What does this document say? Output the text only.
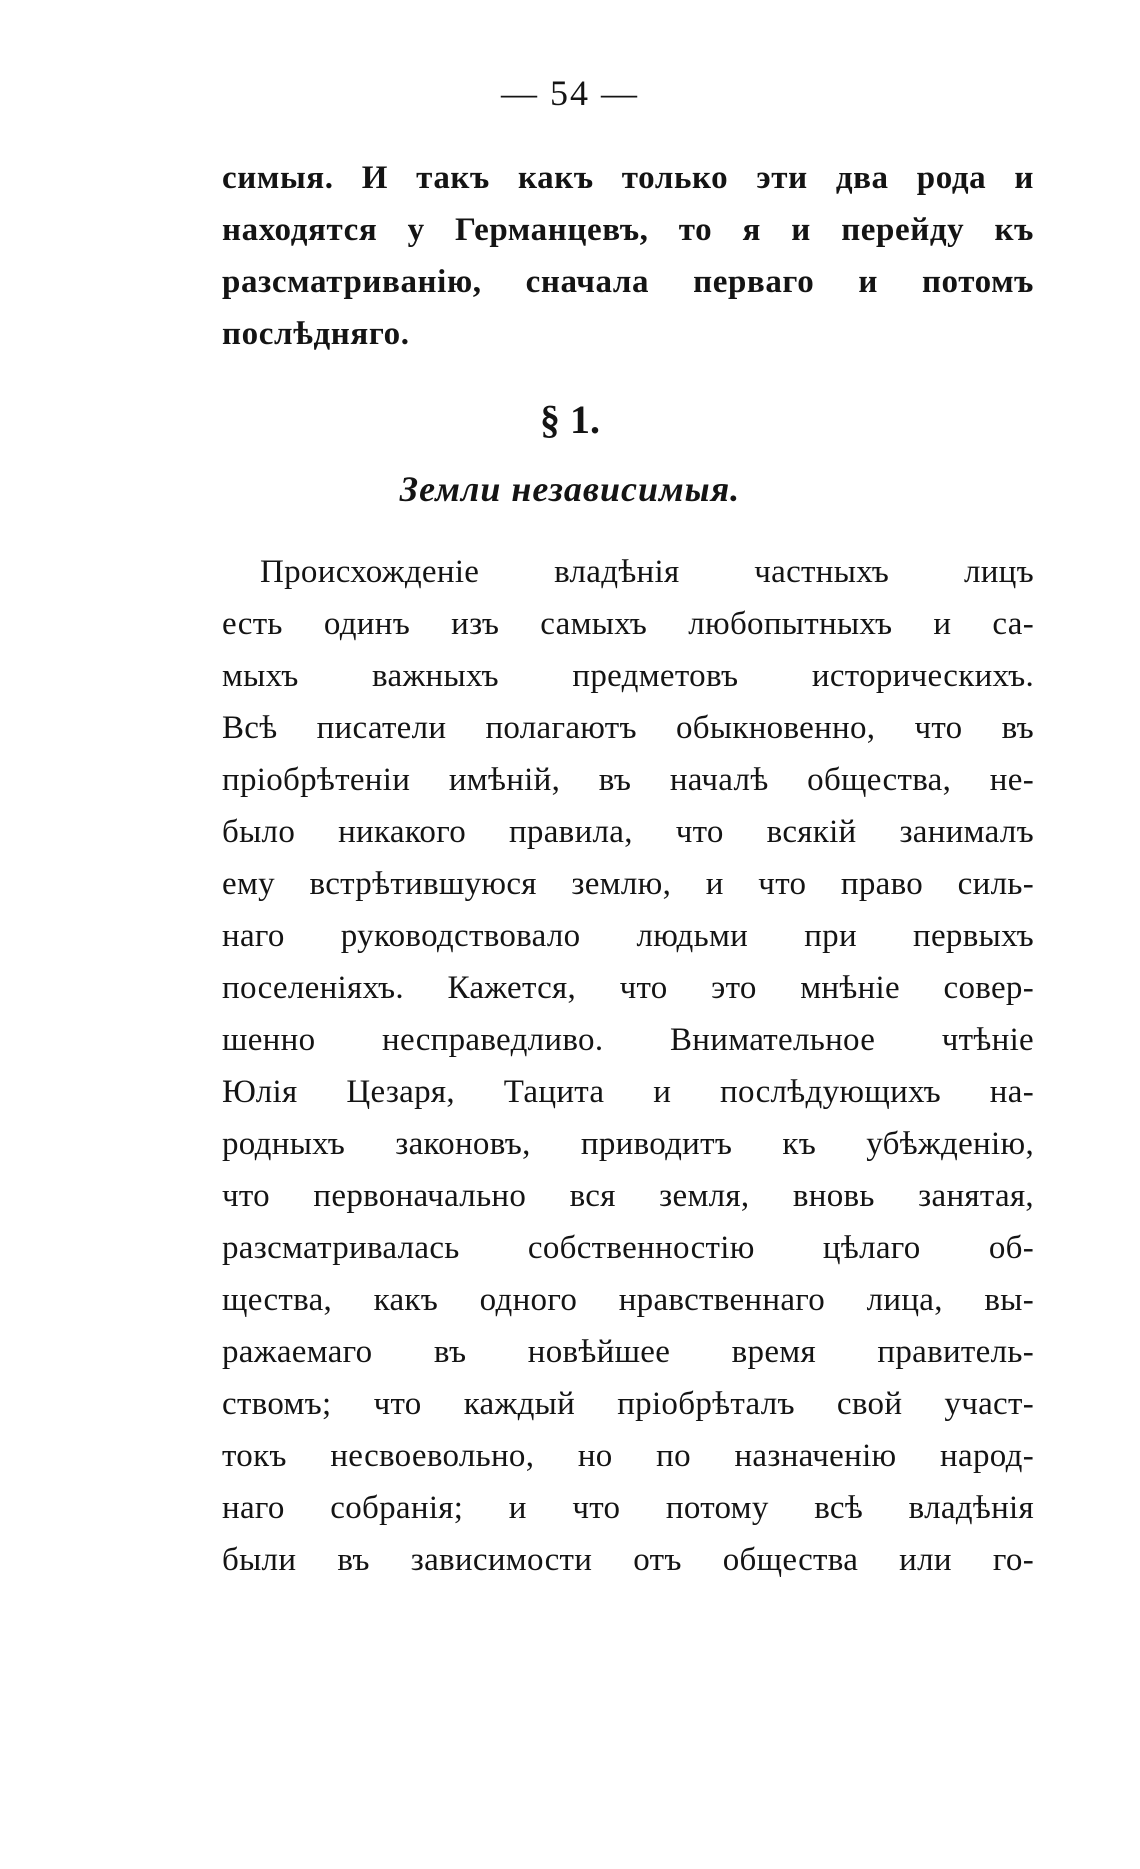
— 54 —
симыя. И такъ какъ только эти два рода и
находятся у Германцевъ, то я и перейду къ
разсматриванію, сначала перваго и потомъ
послѣдняго.
§ 1.
Земли независимыя.
Происхожденіе владѣнія частныхъ лицъ
есть одинъ изъ самыхъ любопытныхъ и са-
мыхъ важныхъ предметовъ историческихъ.
Всѣ писатели полагаютъ обыкновенно, что въ
пріобрѣтеніи имѣній, въ началѣ общества, не-
было никакого правила, что всякій занималъ
ему встрѣтившуюся землю, и что право силь-
наго руководствовало людьми при первыхъ
поселеніяхъ. Кажется, что это мнѣніе совер-
шенно несправедливо. Внимательное чтѣніе
Юлія Цезаря, Тацита и послѣдующихъ на-
родныхъ законовъ, приводитъ къ убѣжденію,
что первоначально вся земля, вновь занятая,
разсматривалась собственностію цѣлаго об-
щества, какъ одного нравственнаго лица, вы-
ражаемаго въ новѣйшее время правитель-
ствомъ; что каждый пріобрѣталъ свой участ-
токъ несвоевольно, но по назначенію народ-
наго собранія; и что потому всѣ владѣнія
были въ зависимости отъ общества или го-
